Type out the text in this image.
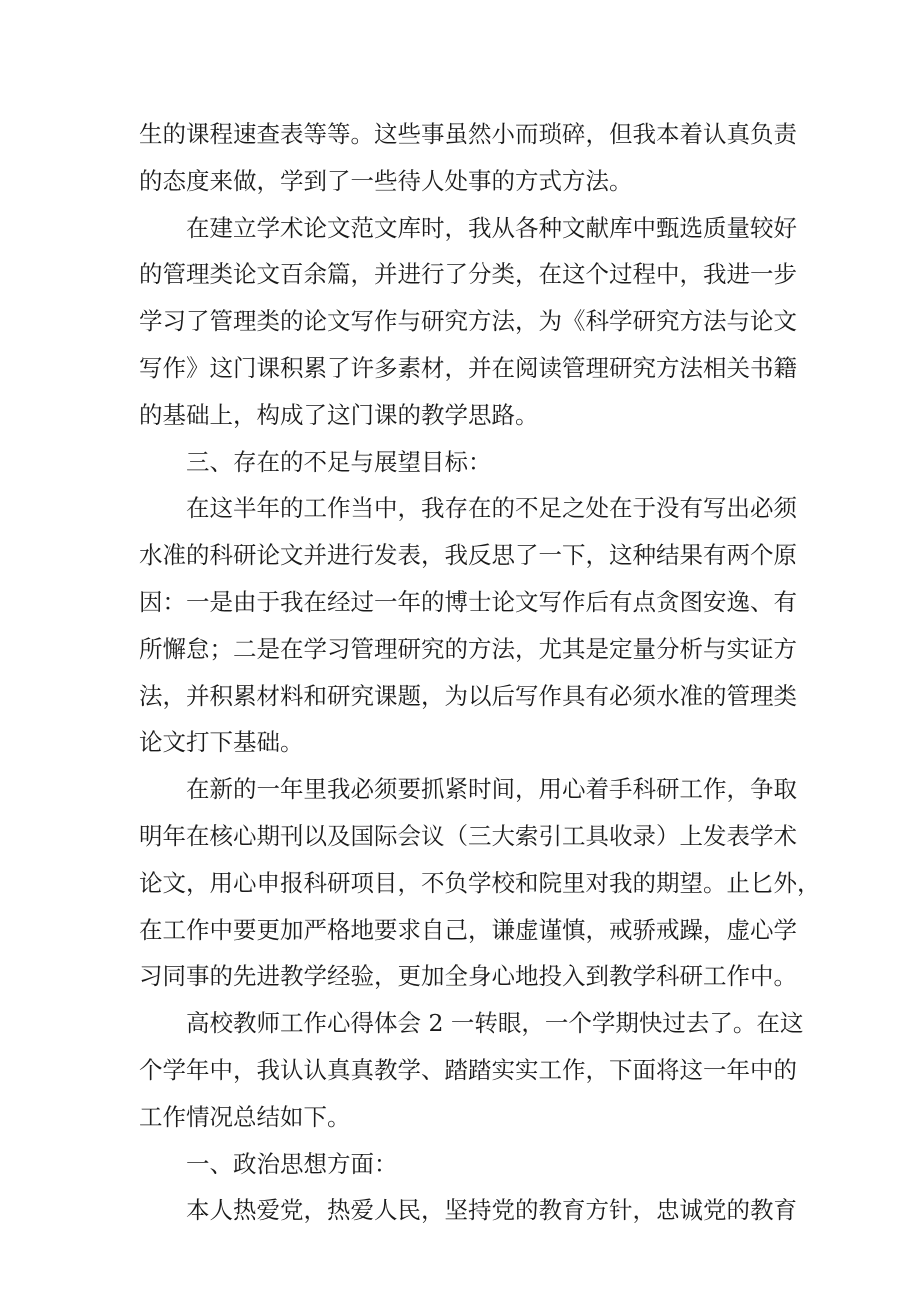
生的课程速查表等等。这些事虽然小而琐碎，但我本着认真负责
的态度来做，学到了一些待人处事的方式方法。
在建立学术论文范文库时，我从各种文献库中甄选质量较好
的管理类论文百余篇，并进行了分类，在这个过程中，我进一步
学习了管理类的论文写作与研究方法，为《科学研究方法与论文
写作》这门课积累了许多素材，并在阅读管理研究方法相关书籍
的基础上，构成了这门课的教学思路。
三、存在的不足与展望目标：
在这半年的工作当中，我存在的不足之处在于没有写出必须
水准的科研论文并进行发表，我反思了一下，这种结果有两个原
因：一是由于我在经过一年的博士论文写作后有点贪图安逸、有
所懈怠；二是在学习管理研究的方法，尤其是定量分析与实证方
法，并积累材料和研究课题，为以后写作具有必须水准的管理类
论文打下基础。
在新的一年里我必须要抓紧时间，用心着手科研工作，争取
明年在核心期刊以及国际会议（三大索引工具收录）上发表学术
论文，用心申报科研项目，不负学校和院里对我的期望。止匕外，
在工作中要更加严格地要求自己，谦虚谨慎，戒骄戒躁，虚心学
习同事的先进教学经验，更加全身心地投入到教学科研工作中。
高校教师工作心得体会 2 一转眼，一个学期快过去了。在这
个学年中，我认认真真教学、踏踏实实工作，下面将这一年中的
工作情况总结如下。
一、政治思想方面：
本人热爱党，热爱人民，坚持党的教育方针，忠诚党的教育
